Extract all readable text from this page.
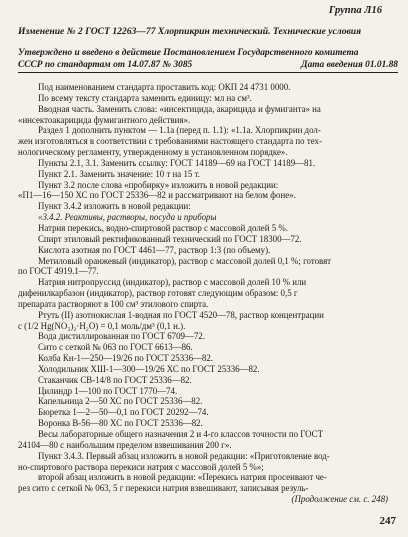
Группа Л16
Изменение № 2 ГОСТ 12263—77 Хлорпикрин технический. Технические условия
Утверждено и введено в действие Постановлением Государственного комитета
СССР по стандартам от 14.07.87 № 3085	Дата введения 01.01.88

Под наименованием стандарта проставить код: ОКП 24 4731 0000.

По всему тексту стандарта заменить единицу: мл на см³.

Вводная часть. Заменить слова: «инсектицида, акарицида и фумиганта» на

«инсектоакарицида фумигантного действия».

Раздел 1 дополнить пунктом — 1.1а (перед п. 1.1): «1.1а. Хлорпикрин дол-

жен изготовляться в соответствии с требованиями настоящего стандарта по тех-

нологическому регламенту, утвержденному в установленном порядке».

Пункты 2.1, 3.1. Заменить ссылку: ГОСТ 14189—69 на ГОСТ 14189—81.

Пункт 2.1. Заменить значение: 10 т на 15 т.

Пункт 3.2 после слова «пробирку» изложить в новой редакции:

«П1—16—150 ХС по ГОСТ 25336—82 и рассматривают на белом фоне».

Пункт 3.4.2 изложить в новой редакции:

«3.4.2. Реактивы, растворы, посуда и приборы

Натрия перекись, водно-спиртовой раствор с массовой долей 5 %.

Спирт этиловый ректификованный технический по ГОСТ 18300—72.

Кислота азотная по ГОСТ 4461—77, раствор 1:3 (по объему).

Метиловый оранжевый (индикатор), раствор с массовой долей 0,1 %; готовят

по ГОСТ 4919.1—77.

Натрия нитропруссид (индикатор), раствор с массовой долей 10 % или

дифенилкарбазон (индикатор), раствор готовят следующим образом: 0,5 г

препарата растворяют в 100 см³ этилового спирта.

Ртуть (II) азотнокислая 1-водная по ГОСТ 4520—78, раствор концентрации

с (1/2 Hg(NO₃)₂·H₂O) = 0,1 моль/дм³ (0,1 н.).

Вода дистиллированная по ГОСТ 6709—72.

Сито с сеткой № 063 по ГОСТ 6613—86.

Колба Кн-1—250—19/26 по ГОСТ 25336—82.

Холодильник ХШ-1—300—19/26 ХС по ГОСТ 25336—82.

Стаканчик СВ-14/8 по ГОСТ 25336—82.

Цилиндр 1—100 по ГОСТ 1770—74.

Капельница 2—50 ХС по ГОСТ 25336—82.

Бюретка 1—2—50—0,1 по ГОСТ 20292—74.

Воронка В-56—80 ХС по ГОСТ 25336—82.

Весы лабораторные общего назначения 2 и 4-го классов точности по ГОСТ

24104—80 с наибольшим пределом взвешивания 200 г».

Пункт 3.4.3. Первый абзац изложить в новой редакции: «Приготовление вод-

но-спиртового раствора перекиси натрия с массовой долей 5 %»;

второй абзац изложить в новой редакции: «Перекись натрия просеивают че-

рез сито с сеткой № 063, 5 г перекиси натрия взвешивают, записывая резуль-

(Продолжение см. с. 248)

247
